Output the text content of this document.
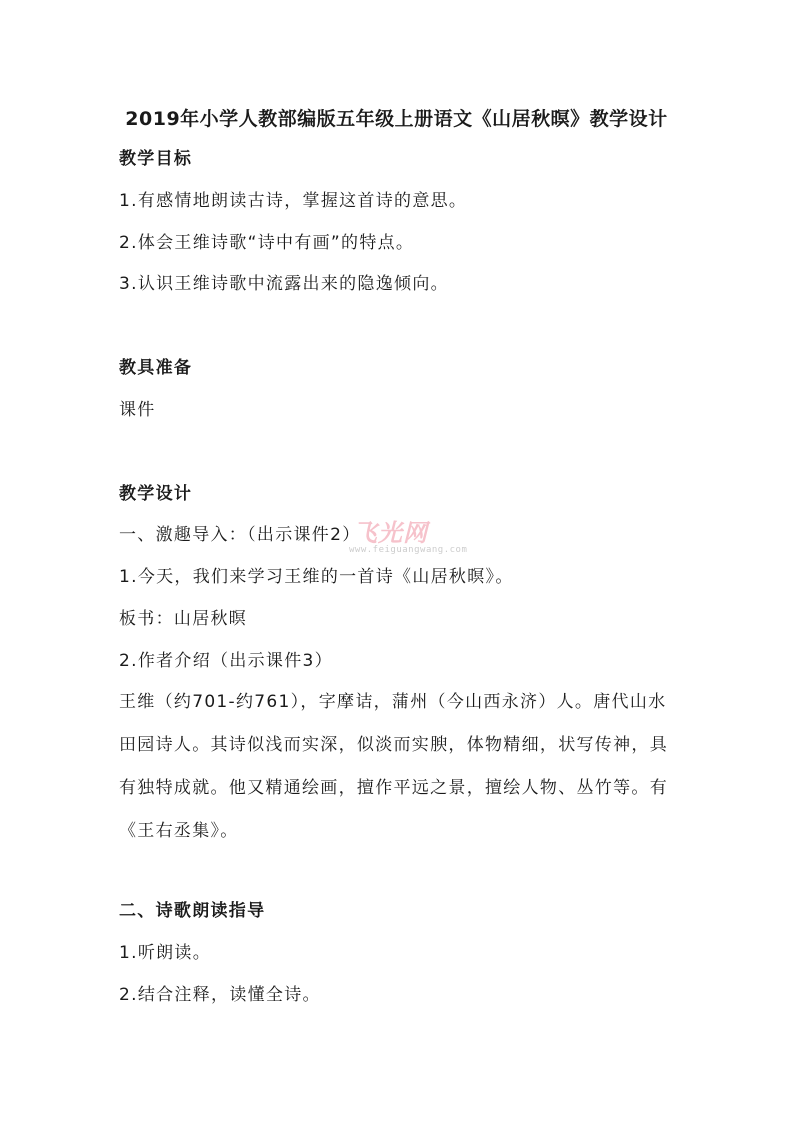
2019年小学人教部编版五年级上册语文《山居秋暝》教学设计
教学目标
1.有感情地朗读古诗，掌握这首诗的意思。
2.体会王维诗歌“诗中有画”的特点。
3.认识王维诗歌中流露出来的隐逸倾向。
教具准备
课件
教学设计
一、激趣导入：（出示课件2）
1.今天，我们来学习王维的一首诗《山居秋暝》。
板书：山居秋暝
2.作者介绍（出示课件3）
王维（约701-约761），字摩诘，蒲州（今山西永济）人。唐代山水
田园诗人。其诗似浅而实深，似淡而实腴，体物精细，状写传神，具
有独特成就。他又精通绘画，擅作平远之景，擅绘人物、丛竹等。有
《王右丞集》。
二、诗歌朗读指导
1.听朗读。
2.结合注释，读懂全诗。
飞光网
www.feiguangwang.com
